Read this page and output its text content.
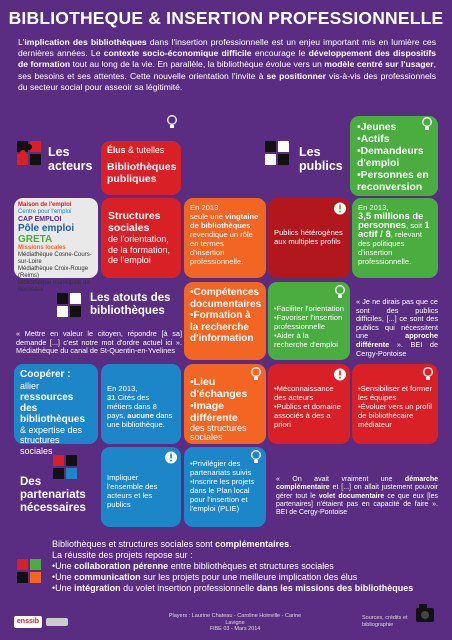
BIBLIOTHEQUE & INSERTION PROFESSIONNELLE
L'implication des bibliothèques dans l'insertion professionnelle est un enjeu important mis en lumière ces dernières années. Le contexte socio-économique difficile encourage le développement des dispositifs de formation tout au long de la vie. En parallèle, la bibliothèque évolue vers un modèle centré sur l'usager, ses besoins et ses attentes. Cette nouvelle orientation l'invite à se positionner vis-à-vis des professionnels du secteur social pour asseoir sa légitimité.
Les acteurs
Élus & tutelles
Bibliothèques publiques
Les publics
•Jeunes
•Actifs
•Demandeurs d'emploi
•Personnes en reconversion
Maison de l'emploi
Centre pour l'emploi
CAP EMPLOI
Pôle emploi
GRETA
Missions locales
Médiathèque Cosne-Cours-sur-Loire
Médiathèque Croix-Rouge (Reims)
Bibliothèque municipale de Bordeaux
Structures sociales
de l'orientation,
de la formation,
de l'emploi
En 2013,
seule une vingtaine de bibliothèques revendique un rôle en termes d'insertion professionnelle.
Publics hétérogènes aux multiples profils
En 2013,
3,5 millions de personnes, soit 1 actif / 8, relevant des politiques d'insertion professionnelle.
Les atouts des bibliothèques
« Mettre en valeur le citoyen, répondre [à sa] demande [...] c'est notre mot d'ordre actuel ici ». Médiathèque du canal de St-Quentin-en-Yvelines
•Compétences documentaires
•Formation à la recherche d'information
•Faciliter l'orientation
•Favoriser l'insertion professionnelle
•Aider à la recherche d'emploi
« Je ne dirais pas que ce sont des publics difficiles, [...] ce sont des publics qui nécessitent une approche différente ». BEI de Cergy-Pontoise
Coopérer :
allier
ressources des bibliothèques
& expertise des structures sociales
En 2013,
31 Cités des métiers dans 8 pays, aucune dans une bibliothèque.
•Lieu d'échanges
•Image différente
des structures sociales
•Méconnaissance des acteurs
•Publics et domaine associés à des a priori
•Sensibiliser et former les équipes
•Évoluer vers un profil de bibliothécaire médiateur
Des partenariats nécessaires
Impliquer l'ensemble des acteurs et les publics
•Privilégier des partenariats suivis
•Inscrire les projets dans le Plan local pour l'insertion et l'emploi (PLIE)
« On avait vraiment une démarche complémentaire et [...] on allait justement pouvoir gérer tout le volet documentaire ce que eux [les partenaires] n'étaient pas en capacité de faire ». BEI de Cergy-Pontoise
Bibliothèques et structures sociales sont complémentaires.
La réussite des projets repose sur :
•Une collaboration pérenne entre bibliothèques et structures sociales
•Une communication sur les projets pour une meilleure implication des élus
•Une intégration du volet insertion professionnelle dans les missions des bibliothèques
enssib
Players : Laurine Chateau - Caroline Hoinville - Carine Lavigne
FIBE 03 - Mars 2014
Sources, crédits et bibliographie
